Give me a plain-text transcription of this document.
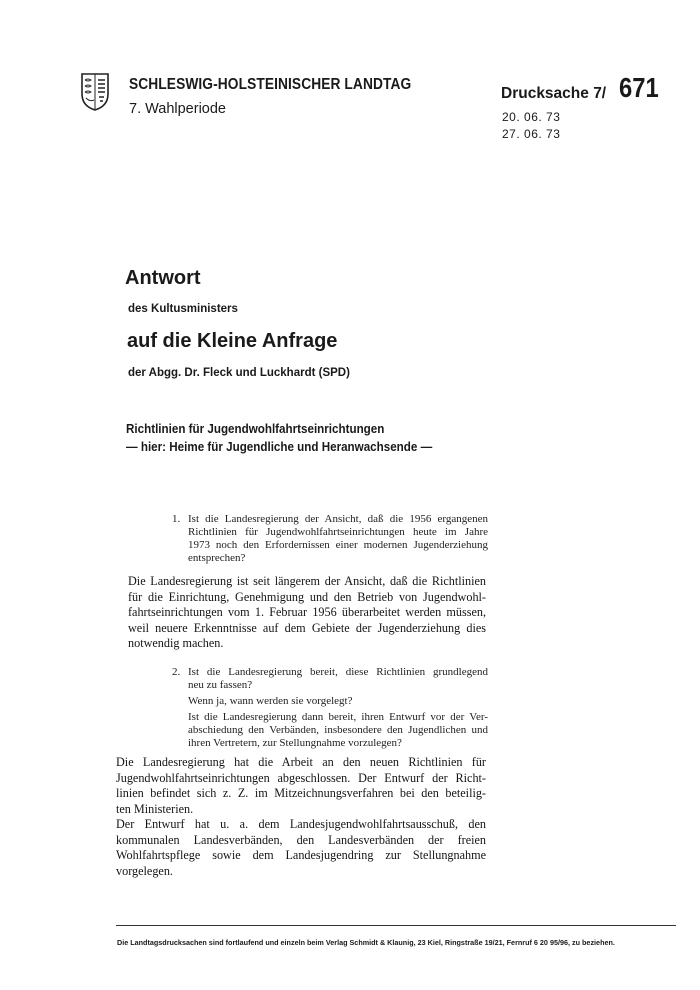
SCHLESWIG-HOLSTEINISCHER LANDTAG
7. Wahlperiode
Drucksache 7/ 671
20. 06. 73
27. 06. 73
Antwort
des Kultusministers
auf die Kleine Anfrage
der Abgg. Dr. Fleck und Luckhardt (SPD)
Richtlinien für Jugendwohlfahrtseinrichtungen
— hier: Heime für Jugendliche und Heranwachsende —
1. Ist die Landesregierung der Ansicht, daß die 1956 ergangenen
Richtlinien für Jugendwohlfahrtseinrichtungen heute im Jahre
1973 noch den Erfordernissen einer modernen Jugenderziehung
entsprechen?
Die Landesregierung ist seit längerem der Ansicht, daß die Richtlinien
für die Einrichtung, Genehmigung und den Betrieb von Jugendwohl-
fahrtseinrichtungen vom 1. Februar 1956 überarbeitet werden müssen,
weil neuere Erkenntnisse auf dem Gebiete der Jugenderziehung dies
notwendig machen.
2. Ist die Landesregierung bereit, diese Richtlinien grundlegend
neu zu fassen?
Wenn ja, wann werden sie vorgelegt?
Ist die Landesregierung dann bereit, ihren Entwurf vor der Ver-
abschiedung den Verbänden, insbesondere den Jugendlichen und
ihren Vertretern, zur Stellungnahme vorzulegen?
Die Landesregierung hat die Arbeit an den neuen Richtlinien für
Jugendwohlfahrtseinrichtungen abgeschlossen. Der Entwurf der Richt-
linien befindet sich z. Z. im Mitzeichnungsverfahren bei den beteilig-
ten Ministerien.
Der Entwurf hat u. a. dem Landesjugendwohlfahrtsausschuß, den
kommunalen Landesverbänden, den Landesverbänden der freien
Wohlfahrtspflege sowie dem Landesjugendring zur Stellungnahme
vorgelegen.
Die Landtagsdrucksachen sind fortlaufend und einzeln beim Verlag Schmidt & Klaunig, 23 Kiel, Ringstraße 19/21, Fernruf 6 20 95/96, zu beziehen.
